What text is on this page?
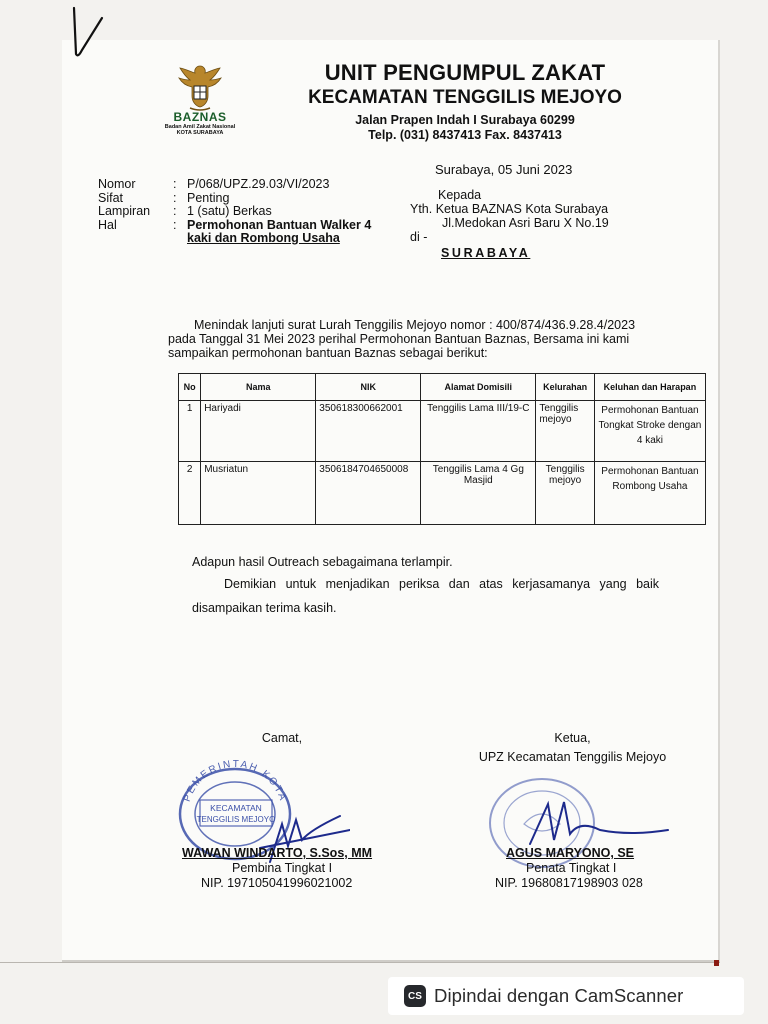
BAZNAS
Badan Amil Zakat Nasional
KOTA SURABAYA
UNIT PENGUMPUL ZAKAT
KECAMATAN TENGGILIS MEJOYO
Jalan Prapen Indah I Surabaya 60299
Telp. (031) 8437413 Fax. 8437413
Surabaya, 05 Juni 2023
Nomor	: P/068/UPZ.29.03/VI/2023
Sifat	: Penting
Lampiran	: 1 (satu) Berkas
Hal	: Permohonan Bantuan Walker 4
kaki dan Rombong Usaha
Kepada
Yth. Ketua BAZNAS Kota Surabaya
Jl.Medokan Asri Baru X No.19
di -
SURABAYA

Menindak lanjuti surat Lurah Tenggilis Mejoyo nomor : 400/874/436.9.28.4/2023

pada Tanggal 31 Mei 2023 perihal Permohonan Bantuan Baznas, Bersama ini kami

sampaikan permohonan bantuan Baznas sebagai berikut:

No	Nama	NIK	Alamat Domisili	Kelurahan	Keluhan dan Harapan
1	Hariyadi	350618300662001	Tenggilis Lama III/19-C	Tenggilis mejoyo	Permohonan Bantuan Tongkat Stroke dengan 4 kaki
2	Musriatun	3506184704650008	Tenggilis Lama 4 Gg Masjid	Tenggilis mejoyo	Permohonan Bantuan Rombong Usaha
Adapun hasil Outreach sebagaimana terlampir.
Demikian untuk menjadikan periksa dan atas kerjasamanya yang baik
disampaikan terima kasih.
Camat,	Ketua,
UPZ Kecamatan Tenggilis Mejoyo
PEMERINTAH KOTA
KECAMATAN
TENGGILIS MEJOYO
WAWAN WINDARTO, S.Sos, MM
Pembina Tingkat I
NIP. 197105041996021002
AGUS MARYONO, SE
Penata Tingkat I
NIP. 19680817198903 028
CS Dipindai dengan CamScanner
